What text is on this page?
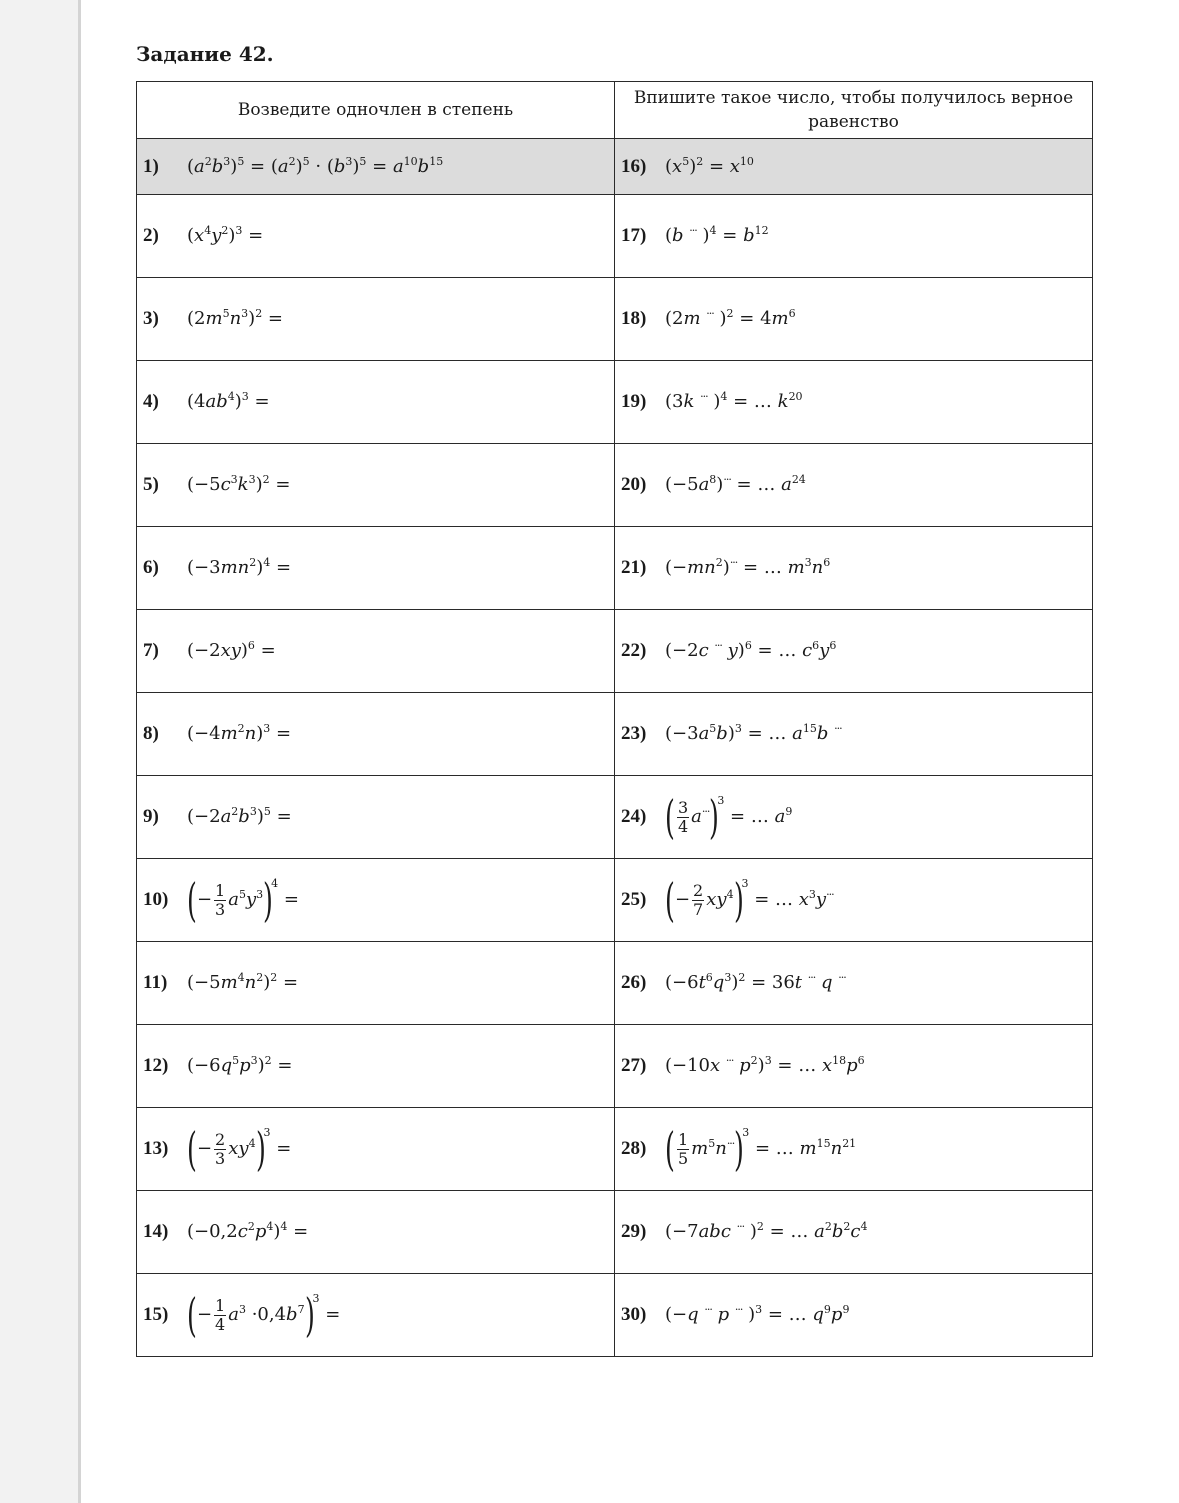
Задание 42.
Возведите одночлен в степень	Впишите такое число, чтобы получилось верное равенство
1) $(a^2b^3)^5 = (a^2)^5 \cdot (b^3)^5 = a^{10}b^{15}$	16) $(x^5)^2 = x^{10}$
2) $(x^4y^2)^3$ =	17) (b ··· )$^4 = b^{12}$
3) $(2m^5n^3)^2$ =	18) (2m ··· )$^2 = 4m^6$
4) $(4ab^4)^3$ =	19) (3k ··· )$^4$ = … $k^{20}$
5) $(-5c^3k^3)^2$ =	20) $(-5a^8)^{\cdot\cdot\cdot}$ = … $a^{24}$
6) $(-3mn^2)^4$ =	21) $(-mn^2)^{\cdot\cdot\cdot}$ = … $m^3n^6$
7) $(-2xy)^6$ =	22) (−2c ··· y)$^6$ = … $c^6y^6$
8) $(-4m^2n)^3$ =	23) $(-3a^5b)^3$ = … $a^{15}b$ ···
9) $(-2a^2b^3)^5$ =	24) ( $\frac{3}{4} a^{\cdot\cdot\cdot})^3$ = … $a^9$
10) (− $\frac{1}{3} a^5y^3)^4$ =	25) (− $\frac{2}{7} xy^4)^3$ = … $x^3y^{\cdot\cdot\cdot}$
11) $(-5m^4n^2)^2$ =	26) $(-6t^6q^3)^2 = 36t$ ··· q ···
12) $(-6q^5p^3)^2$ =	27) (−10x ··· $p^2)^3$ = … $x^{18}p^6$
13) (− $\frac{2}{3} xy^4)^3$ =	28) ( $\frac{1}{5} m^5n^{\cdot\cdot\cdot})^3$ = … $m^{15}n^{21}$
14) $(-0,2c^2p^4)^4$ =	29) (−7abc ··· )$^2$ = … $a^2b^2c^4$
15) (− $\frac{1}{4} a^3 \cdot 0,4b^7)^3$ =	30) (−q ··· p ··· )$^3$ = … $q^9p^9$
